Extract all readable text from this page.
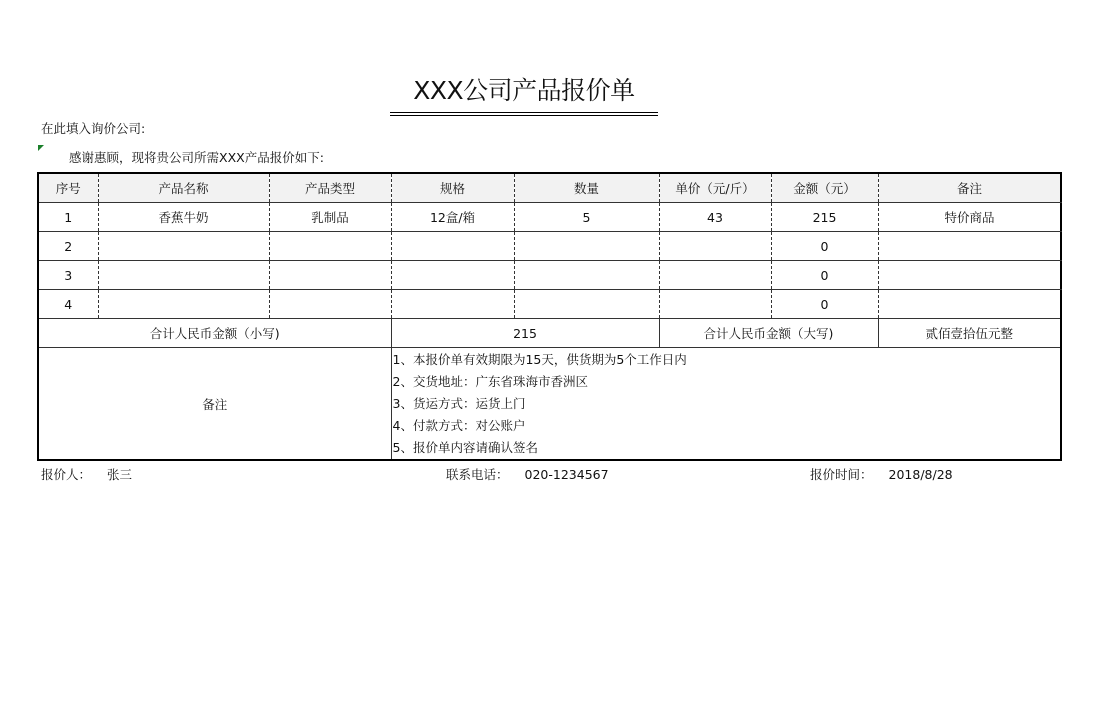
XXX公司产品报价单
在此填入询价公司:
感谢惠顾，现将贵公司所需XXX产品报价如下:
序号	产品名称	产品类型	规格	数量	单价（元/斤）	金额（元）	备注
1	香蕉牛奶	乳制品	12盒/箱	5	43	215	特价商品
2						0	
3						0	
4						0	
合计人民币金额（小写)			215		合计人民币金额（大写)		贰佰壹拾伍元整
备注			1、本报价单有效期限为15天，供货期为5个工作日内
2、交货地址：广东省珠海市香洲区
3、货运方式：运货上门
4、付款方式：对公账户
5、报价单内容请确认签名				
报价人： 张三	联系电话： 020-1234567	报价时间： 2018/8/28
